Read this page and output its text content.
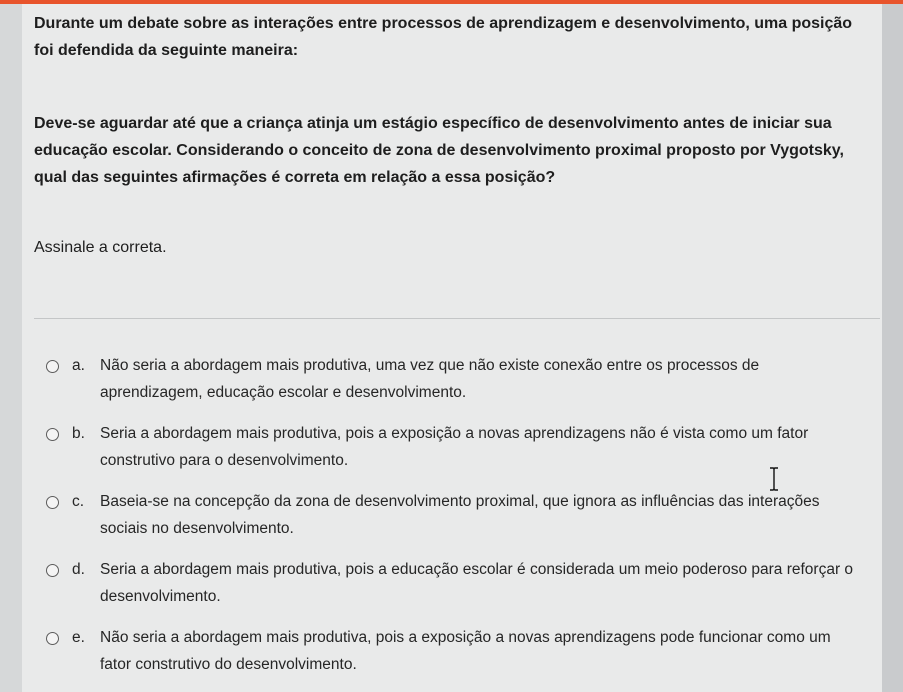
Durante um debate sobre as interações entre processos de aprendizagem e desenvolvimento, uma posição foi defendida da seguinte maneira:

Deve-se aguardar até que a criança atinja um estágio específico de desenvolvimento antes de iniciar sua educação escolar. Considerando o conceito de zona de desenvolvimento proximal proposto por Vygotsky, qual das seguintes afirmações é correta em relação a essa posição?

Assinale a correta.

a. Não seria a abordagem mais produtiva, uma vez que não existe conexão entre os processos de aprendizagem, educação escolar e desenvolvimento.
b. Seria a abordagem mais produtiva, pois a exposição a novas aprendizagens não é vista como um fator construtivo para o desenvolvimento.
c. Baseia-se na concepção da zona de desenvolvimento proximal, que ignora as influências das interações sociais no desenvolvimento.
d. Seria a abordagem mais produtiva, pois a educação escolar é considerada um meio poderoso para reforçar o desenvolvimento.
e. Não seria a abordagem mais produtiva, pois a exposição a novas aprendizagens pode funcionar como um fator construtivo do desenvolvimento.
